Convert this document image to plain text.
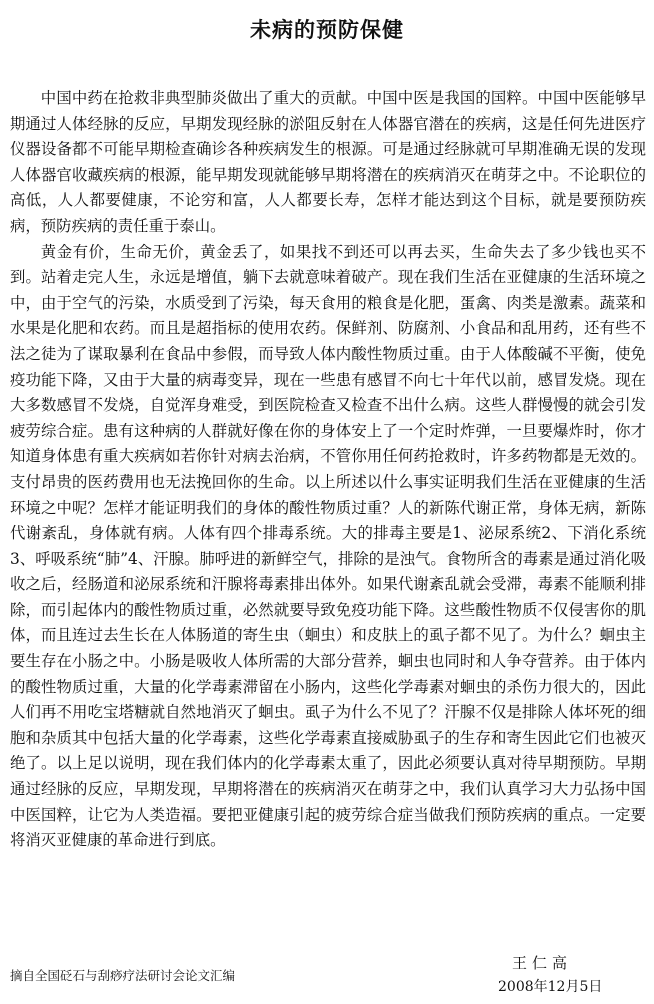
未病的预防保健

中国中药在抢救非典型肺炎做出了重大的贡献。中国中医是我国的国粹。中国中医能够早期通过人体经脉的反应，早期发现经脉的淤阻反射在人体器官潜在的疾病，这是任何先进医疗仪器设备都不可能早期检查确诊各种疾病发生的根源。可是通过经脉就可早期准确无误的发现人体器官收藏疾病的根源，能早期发现就能够早期将潜在的疾病消灭在萌芽之中。不论职位的高低，人人都要健康，不论穷和富，人人都要长寿，怎样才能达到这个目标，就是要预防疾病，预防疾病的责任重于泰山。

黄金有价，生命无价，黄金丢了，如果找不到还可以再去买，生命失去了多少钱也买不到。站着走完人生，永远是增值，躺下去就意味着破产。现在我们生活在亚健康的生活环境之中，由于空气的污染，水质受到了污染，每天食用的粮食是化肥，蛋禽、肉类是激素。蔬菜和水果是化肥和农药。而且是超指标的使用农药。保鲜剂、防腐剂、小食品和乱用药，还有些不法之徒为了谋取暴利在食品中参假，而导致人体内酸性物质过重。由于人体酸碱不平衡，使免疫功能下降，又由于大量的病毒变异，现在一些患有感冒不向七十年代以前，感冒发烧。现在大多数感冒不发烧，自觉浑身难受，到医院检查又检查不出什么病。这些人群慢慢的就会引发疲劳综合症。患有这种病的人群就好像在你的身体安上了一个定时炸弹，一旦要爆炸时，你才知道身体患有重大疾病如若你针对病去治病，不管你用任何药抢救时，许多药物都是无效的。支付昂贵的医药费用也无法挽回你的生命。以上所述以什么事实证明我们生活在亚健康的生活环境之中呢？怎样才能证明我们的身体的酸性物质过重？人的新陈代谢正常，身体无病，新陈代谢紊乱，身体就有病。人体有四个排毒系统。大的排毒主要是1、泌尿系统2、下消化系统3、呼吸系统“肺”4、汗腺。肺呼进的新鲜空气，排除的是浊气。食物所含的毒素是通过消化吸收之后，经肠道和泌尿系统和汗腺将毒素排出体外。如果代谢紊乱就会受滞，毒素不能顺利排除，而引起体内的酸性物质过重，必然就要导致免疫功能下降。这些酸性物质不仅侵害你的肌体，而且连过去生长在人体肠道的寄生虫（蛔虫）和皮肤上的虱子都不见了。为什么？蛔虫主要生存在小肠之中。小肠是吸收人体所需的大部分营养，蛔虫也同时和人争夺营养。由于体内的酸性物质过重，大量的化学毒素滞留在小肠内，这些化学毒素对蛔虫的杀伤力很大的，因此人们再不用吃宝塔糖就自然地消灭了蛔虫。虱子为什么不见了？汗腺不仅是排除人体坏死的细胞和杂质其中包括大量的化学毒素，这些化学毒素直接威胁虱子的生存和寄生因此它们也被灭绝了。以上足以说明，现在我们体内的化学毒素太重了，因此必须要认真对待早期预防。早期通过经脉的反应，早期发现，早期将潜在的疾病消灭在萌芽之中，我们认真学习大力弘扬中国中医国粹，让它为人类造福。要把亚健康引起的疲劳综合症当做我们预防疾病的重点。一定要将消灭亚健康的革命进行到底。

摘自全国砭石与刮痧疗法研讨会论文汇编
王仁高
2008年12月5日
